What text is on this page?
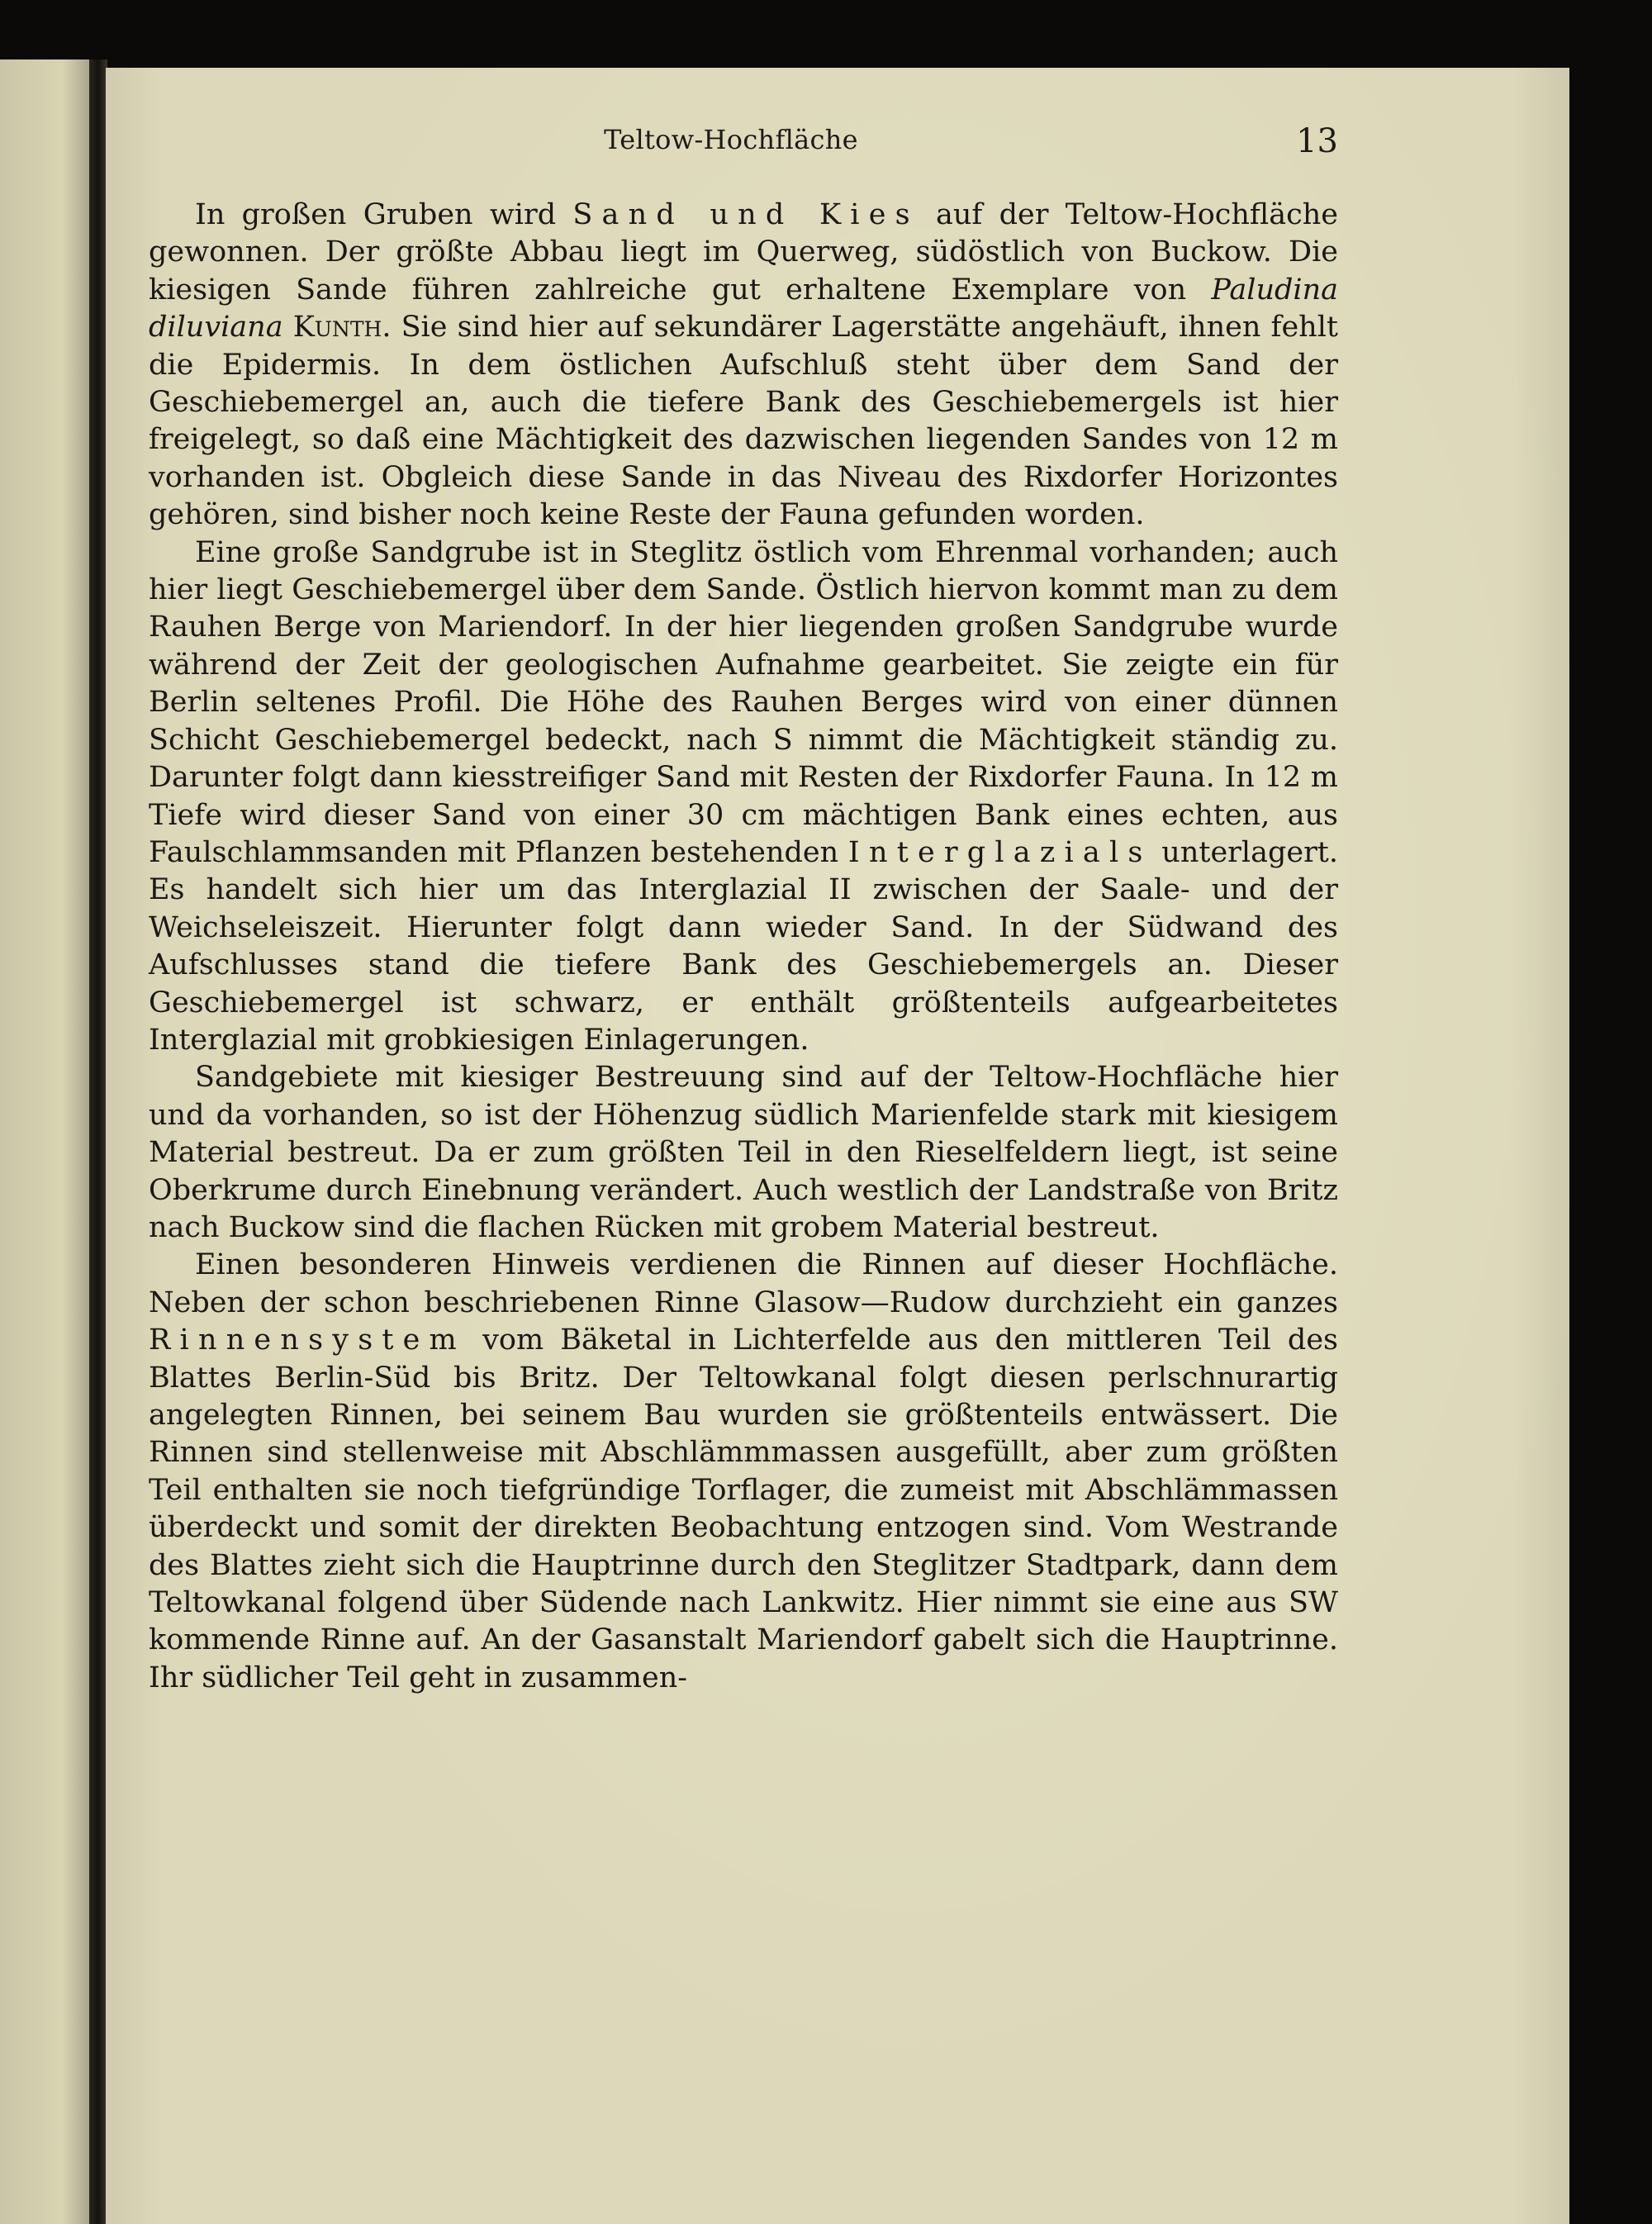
Teltow-Hochfläche	13

In großen Gruben wird Sand und Kies auf der Teltow-Hochfläche gewonnen. Der größte Abbau liegt im Querweg, südöstlich von Buckow. Die kiesigen Sande führen zahlreiche gut erhaltene Exemplare von Paludina diluviana Kunth. Sie sind hier auf sekundärer Lagerstätte angehäuft, ihnen fehlt die Epidermis. In dem östlichen Aufschluß steht über dem Sand der Geschiebemergel an, auch die tiefere Bank des Geschiebemergels ist hier freigelegt, so daß eine Mächtigkeit des dazwischen liegenden Sandes von 12 m vorhanden ist. Obgleich diese Sande in das Niveau des Rixdorfer Horizontes gehören, sind bisher noch keine Reste der Fauna gefunden worden.

Eine große Sandgrube ist in Steglitz östlich vom Ehrenmal vorhanden; auch hier liegt Geschiebemergel über dem Sande. Östlich hiervon kommt man zu dem Rauhen Berge von Mariendorf. In der hier liegenden großen Sandgrube wurde während der Zeit der geologischen Aufnahme gearbeitet. Sie zeigte ein für Berlin seltenes Profil. Die Höhe des Rauhen Berges wird von einer dünnen Schicht Geschiebemergel bedeckt, nach S nimmt die Mächtigkeit ständig zu. Darunter folgt dann kiesstreifiger Sand mit Resten der Rixdorfer Fauna. In 12 m Tiefe wird dieser Sand von einer 30 cm mächtigen Bank eines echten, aus Faulschlammsanden mit Pflanzen bestehenden Interglazials unterlagert. Es handelt sich hier um das Interglazial II zwischen der Saale- und der Weichseleiszeit. Hierunter folgt dann wieder Sand. In der Südwand des Aufschlusses stand die tiefere Bank des Geschiebemergels an. Dieser Geschiebemergel ist schwarz, er enthält größtenteils aufgearbeitetes Interglazial mit grobkiesigen Einlagerungen.

Sandgebiete mit kiesiger Bestreuung sind auf der Teltow-Hochfläche hier und da vorhanden, so ist der Höhenzug südlich Marienfelde stark mit kiesigem Material bestreut. Da er zum größten Teil in den Rieselfeldern liegt, ist seine Oberkrume durch Einebnung verändert. Auch westlich der Landstraße von Britz nach Buckow sind die flachen Rücken mit grobem Material bestreut.

Einen besonderen Hinweis verdienen die Rinnen auf dieser Hochfläche. Neben der schon beschriebenen Rinne Glasow—Rudow durchzieht ein ganzes Rinnensystem vom Bäketal in Lichterfelde aus den mittleren Teil des Blattes Berlin-Süd bis Britz. Der Teltowkanal folgt diesen perlschnurartig angelegten Rinnen, bei seinem Bau wurden sie größtenteils entwässert. Die Rinnen sind stellenweise mit Abschlämmmassen ausgefüllt, aber zum größten Teil enthalten sie noch tiefgründige Torflager, die zumeist mit Abschlämmassen überdeckt und somit der direkten Beobachtung entzogen sind. Vom Westrande des Blattes zieht sich die Hauptrinne durch den Steglitzer Stadtpark, dann dem Teltowkanal folgend über Südende nach Lankwitz. Hier nimmt sie eine aus SW kommende Rinne auf. An der Gasanstalt Mariendorf gabelt sich die Hauptrinne. Ihr südlicher Teil geht in zusammen-
